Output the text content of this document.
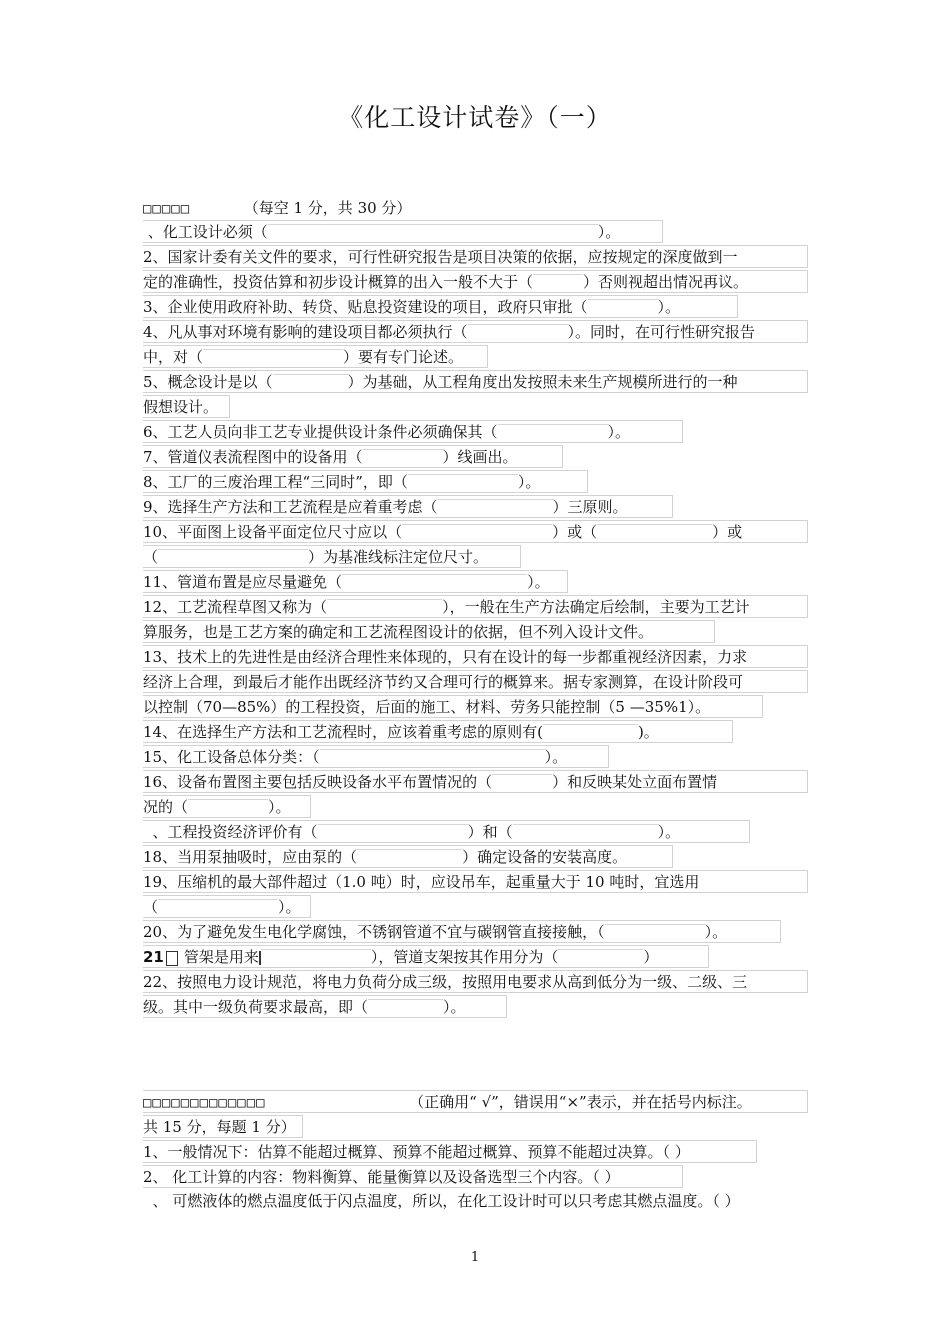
《化工设计试卷》（一）
□□□□□	（每空 1 分，共 30 分）
、化工设计必须（	）。
2、国家计委有关文件的要求，可行性研究报告是项目决策的依据，应按规定的深度做到一
定的准确性，投资估算和初步设计概算的出入一般不大于（	）否则视超出情况再议。
3、企业使用政府补助、转贷、贴息投资建设的项目，政府只审批（	）。
4、凡从事对环境有影响的建设项目都必须执行（	）。同时，在可行性研究报告
中，对（	）要有专门论述。
5、概念设计是以（	）为基础，从工程角度出发按照未来生产规模所进行的一种
假想设计。
6、工艺人员向非工艺专业提供设计条件必须确保其（	）。
7、管道仪表流程图中的设备用（	）线画出。
8、工厂的三废治理工程“三同时”，即（	）。
9、选择生产方法和工艺流程是应着重考虑（	）三原则。
10、平面图上设备平面定位尺寸应以（	）或（	）或
（	）为基准线标注定位尺寸。
11、管道布置是应尽量避免（	）。
12、工艺流程草图又称为（	），一般在生产方法确定后绘制，主要为工艺计
算服务，也是工艺方案的确定和工艺流程图设计的依据，但不列入设计文件。
13、技术上的先进性是由经济合理性来体现的，只有在设计的每一步都重视经济因素，力求
经济上合理，到最后才能作出既经济节约又合理可行的概算来。据专家测算，在设计阶段可
以控制（70—85%）的工程投资，后面的施工、材料、劳务只能控制（5 —35%1）。
14、在选择生产方法和工艺流程时，应该着重考虑的原则有(	)。
15、化工设备总体分类：（	）。
16、设备布置图主要包括反映设备水平布置情况的（	）和反映某处立面布置情
况的（	）。
、工程投资经济评价有（	）和（	）。
18、当用泵抽吸时，应由泵的（	）确定设备的安装高度。
19、压缩机的最大部件超过（1.0 吨）时，应设吊车，起重量大于 10 吨时，宜选用
（	）。
20、为了避免发生电化学腐蚀，不锈钢管道不宜与碳钢管直接接触，（	）。
21 管架是用来	），管道支架按其作用分为（	）
22、按照电力设计规范，将电力负荷分成三级，按照用电要求从高到低分为一级、二级、三
级。其中一级负荷要求最高，即（	）。
□□□□□□□□□□□□□	（正确用“ √”，错误用“×”表示，并在括号内标注。
共 15 分，每题 1 分）
1、一般情况下：估算不能超过概算、预算不能超过概算、预算不能超过决算。（ ）
2、 化工计算的内容：物料衡算、能量衡算以及设备选型三个内容。（ ）
、 可燃液体的燃点温度低于闪点温度，所以，在化工设计时可以只考虑其燃点温度。（ ）
1
